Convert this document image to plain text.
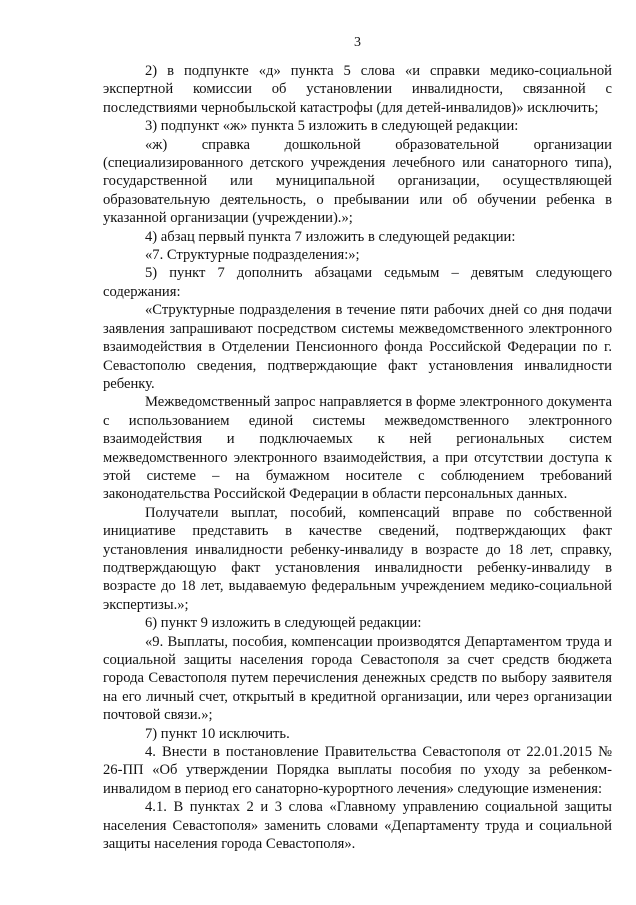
3

2) в подпункте «д» пункта 5 слова «и справки медико-социальной экспертной комиссии об установлении инвалидности, связанной с последствиями чернобыльской катастрофы (для детей-инвалидов)» исключить;

3) подпункт «ж» пункта 5 изложить в следующей редакции:

«ж) справка дошкольной образовательной организации (специализированного детского учреждения лечебного или санаторного типа), государственной или муниципальной организации, осуществляющей образовательную деятельность, о пребывании или об обучении ребенка в указанной организации (учреждении).»;

4) абзац первый пункта 7 изложить в следующей редакции:

«7. Структурные подразделения:»;

5) пункт 7 дополнить абзацами седьмым – девятым следующего содержания:

«Структурные подразделения в течение пяти рабочих дней со дня подачи заявления запрашивают посредством системы межведомственного электронного взаимодействия в Отделении Пенсионного фонда Российской Федерации по г. Севастополю сведения, подтверждающие факт установления инвалидности ребенку.

Межведомственный запрос направляется в форме электронного документа с использованием единой системы межведомственного электронного взаимодействия и подключаемых к ней региональных систем межведомственного электронного взаимодействия, а при отсутствии доступа к этой системе – на бумажном носителе с соблюдением требований законодательства Российской Федерации в области персональных данных.

Получатели выплат, пособий, компенсаций вправе по собственной инициативе представить в качестве сведений, подтверждающих факт установления инвалидности ребенку-инвалиду в возрасте до 18 лет, справку, подтверждающую факт установления инвалидности ребенку-инвалиду в возрасте до 18 лет, выдаваемую федеральным учреждением медико-социальной экспертизы.»;

6) пункт 9 изложить в следующей редакции:

«9. Выплаты, пособия, компенсации производятся Департаментом труда и социальной защиты населения города Севастополя за счет средств бюджета города Севастополя путем перечисления денежных средств по выбору заявителя на его личный счет, открытый в кредитной организации, или через организации почтовой связи.»;

7) пункт 10 исключить.

4. Внести в постановление Правительства Севастополя от 22.01.2015 № 26-ПП «Об утверждении Порядка выплаты пособия по уходу за ребенком-инвалидом в период его санаторно-курортного лечения» следующие изменения:

4.1. В пунктах 2 и 3 слова «Главному управлению социальной защиты населения Севастополя» заменить словами «Департаменту труда и социальной защиты населения города Севастополя».
